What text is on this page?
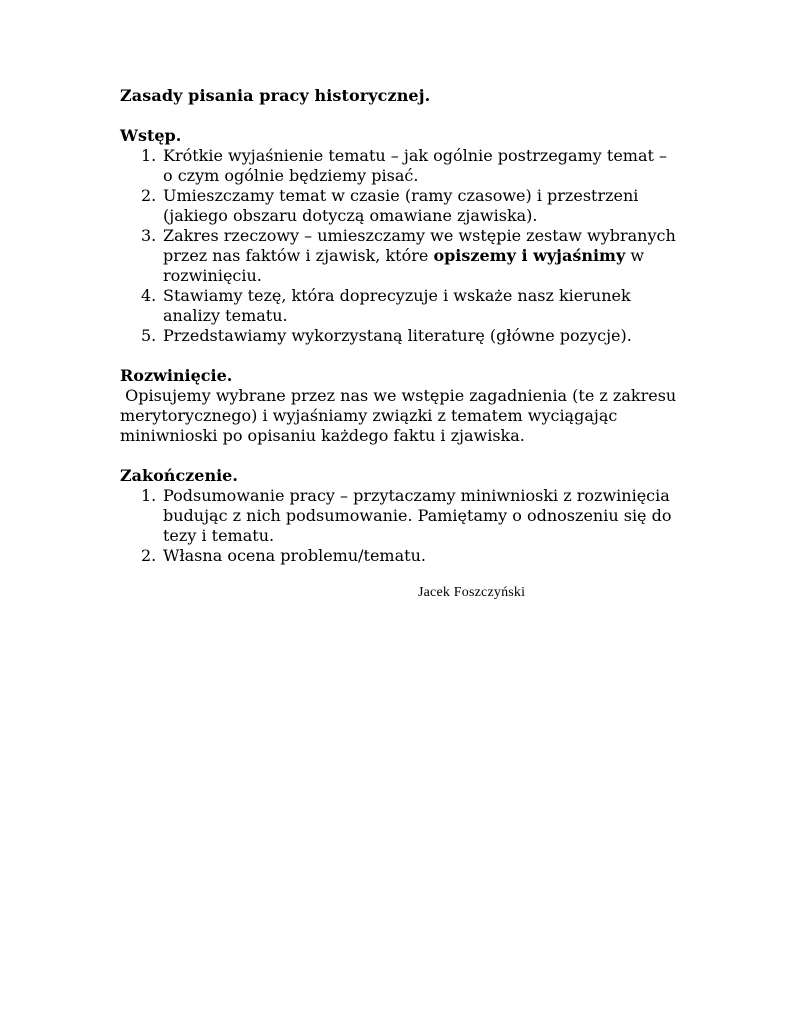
Zasady pisania pracy historycznej.
Wstęp.
1. Krótkie wyjaśnienie tematu – jak ogólnie postrzegamy temat – o czym ogólnie będziemy pisać.
2. Umieszczamy temat w czasie (ramy czasowe) i przestrzeni (jakiego obszaru dotyczą omawiane zjawiska).
3. Zakres rzeczowy – umieszczamy we wstępie zestaw wybranych przez nas faktów i zjawisk, które opiszemy i wyjaśnimy w rozwinięciu.
4. Stawiamy tezę, która doprecyzuje i wskaże nasz kierunek analizy tematu.
5. Przedstawiamy wykorzystaną literaturę (główne pozycje).
Rozwinięcie.

Opisujemy wybrane przez nas we wstępie zagadnienia (te z zakresu merytorycznego) i wyjaśniamy związki z tematem wyciągając miniwnioski po opisaniu każdego faktu i zjawiska.

Zakończenie.
1. Podsumowanie pracy – przytaczamy miniwnioski z rozwinięcia budując z nich podsumowanie. Pamiętamy o odnoszeniu się do tezy i tematu.
2. Własna ocena problemu/tematu.
Jacek Foszczyński
